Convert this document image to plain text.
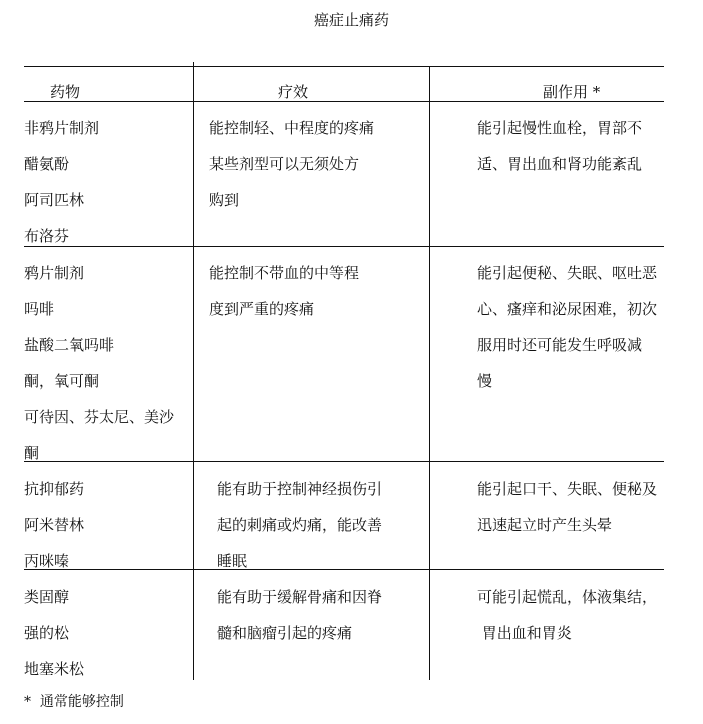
癌症止痛药
药物	疗效	副作用 *
非鸦片制剂
醋氨酚
阿司匹林
布洛芬
能控制轻、中程度的疼痛
某些剂型可以无须处方
购到
能引起慢性血栓，胃部不
适、胃出血和肾功能紊乱
鸦片制剂
吗啡
盐酸二氧吗啡
酮，氧可酮
可待因、芬太尼、美沙
酮
能控制不带血的中等程
度到严重的疼痛
能引起便秘、失眠、呕吐恶
心、瘙痒和泌尿困难，初次
服用时还可能发生呼吸减
慢
抗抑郁药
阿米替林
丙咪嗪
能有助于控制神经损伤引
起的刺痛或灼痛，能改善
睡眠
能引起口干、失眠、便秘及
迅速起立时产生头晕
类固醇
强的松
地塞米松
能有助于缓解骨痛和因脊
髓和脑瘤引起的疼痛
可能引起慌乱，体液集结，
胃出血和胃炎
*  通常能够控制
